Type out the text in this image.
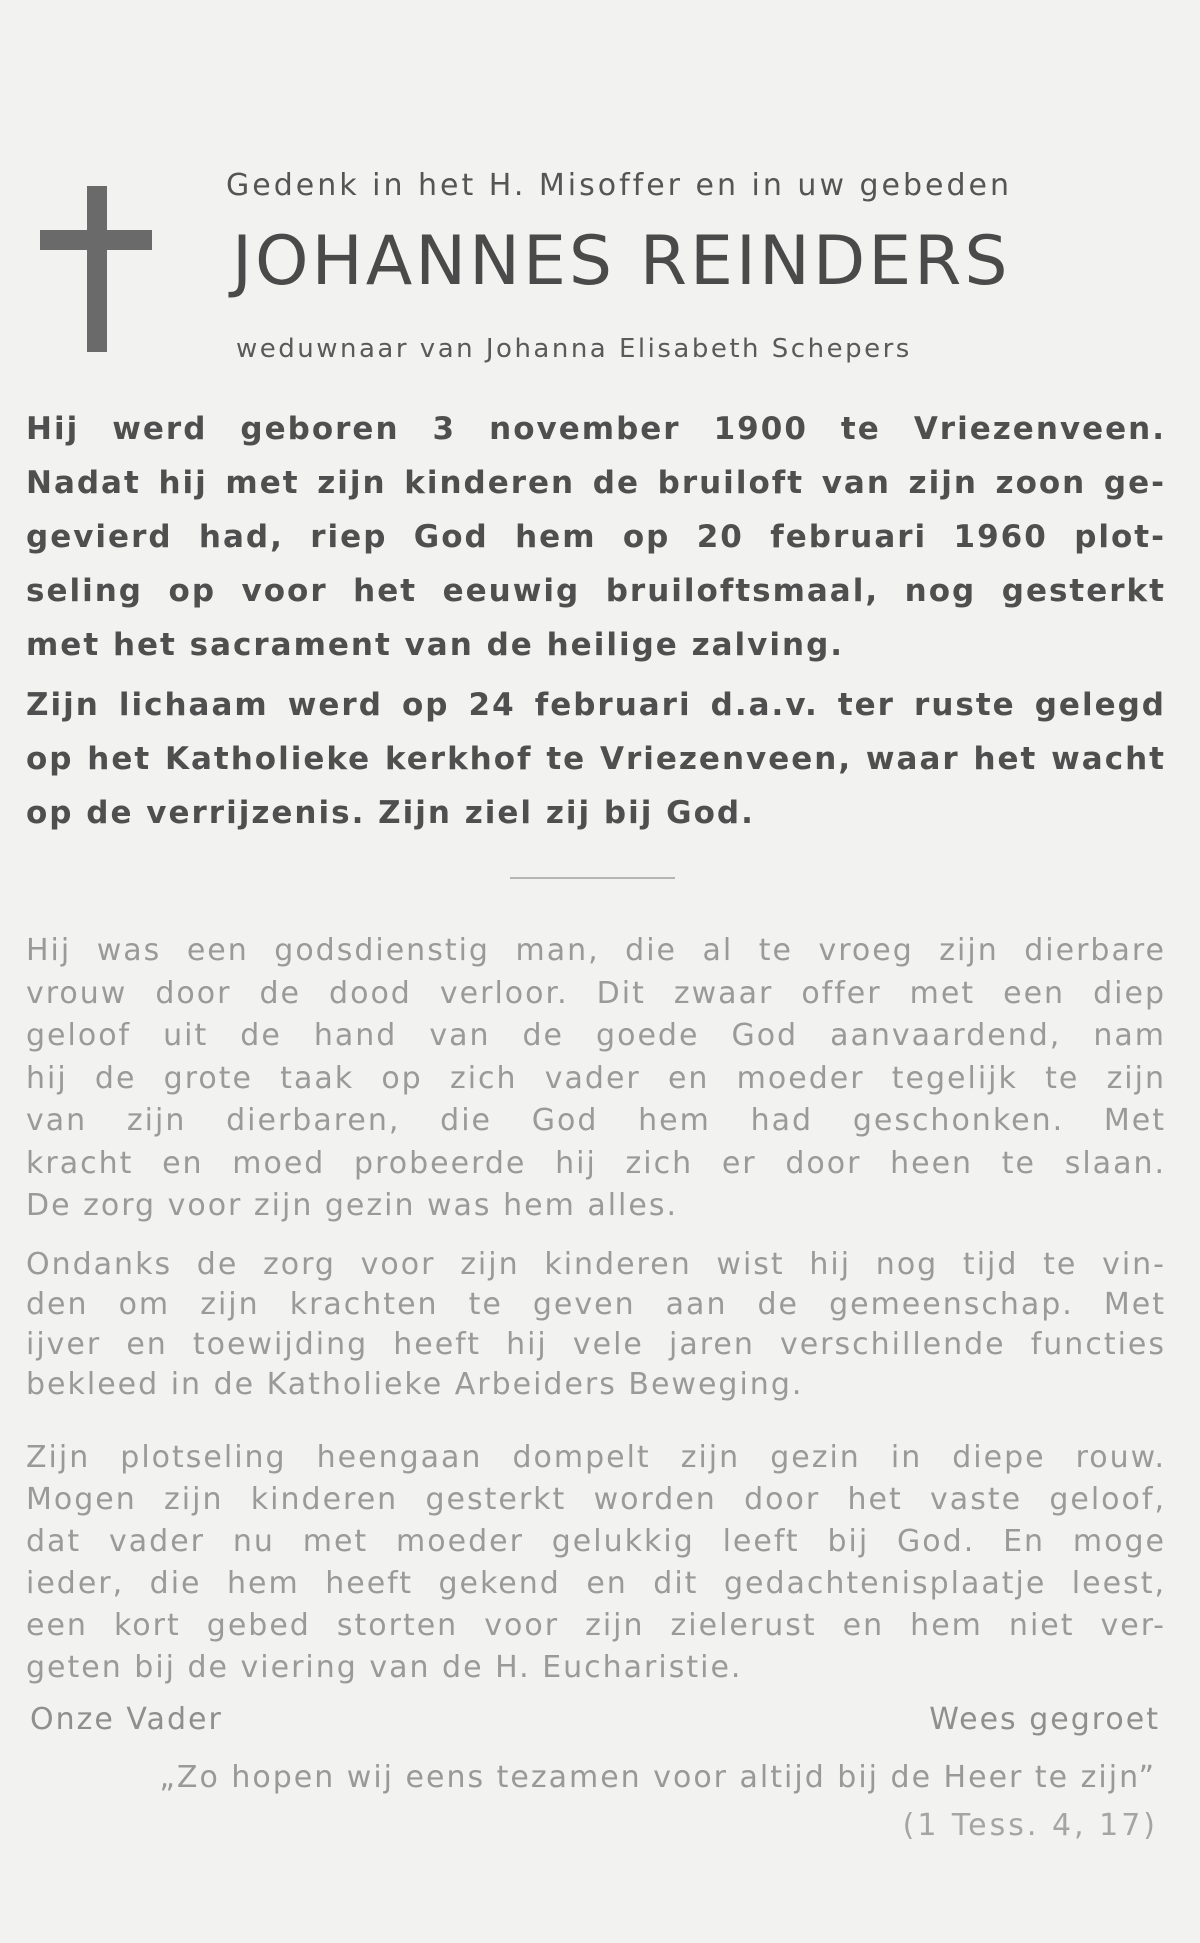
Gedenk in het H. Misoffer en in uw gebeden
JOHANNES REINDERS
weduwnaar van Johanna Elisabeth Schepers
Hij werd geboren 3 november 1900 te Vriezenveen.
Nadat hij met zijn kinderen de bruiloft van zijn zoon ge-
gevierd had, riep God hem op 20 februari 1960 plot-
seling op voor het eeuwig bruiloftsmaal, nog gesterkt
met het sacrament van de heilige zalving.
Zijn lichaam werd op 24 februari d.a.v. ter ruste gelegd
op het Katholieke kerkhof te Vriezenveen, waar het wacht
op de verrijzenis. Zijn ziel zij bij God.
Hij was een godsdienstig man, die al te vroeg zijn dierbare
vrouw door de dood verloor. Dit zwaar offer met een diep
geloof uit de hand van de goede God aanvaardend, nam
hij de grote taak op zich vader en moeder tegelijk te zijn
van zijn dierbaren, die God hem had geschonken. Met
kracht en moed probeerde hij zich er door heen te slaan.
De zorg voor zijn gezin was hem alles.
Ondanks de zorg voor zijn kinderen wist hij nog tijd te vin-
den om zijn krachten te geven aan de gemeenschap. Met
ijver en toewijding heeft hij vele jaren verschillende functies
bekleed in de Katholieke Arbeiders Beweging.
Zijn plotseling heengaan dompelt zijn gezin in diepe rouw.
Mogen zijn kinderen gesterkt worden door het vaste geloof,
dat vader nu met moeder gelukkig leeft bij God. En moge
ieder, die hem heeft gekend en dit gedachtenisplaatje leest,
een kort gebed storten voor zijn zielerust en hem niet ver-
geten bij de viering van de H. Eucharistie.
Onze Vader	Wees gegroet
„Zo hopen wij eens tezamen voor altijd bij de Heer te zijn”
(1 Tess. 4, 17)
